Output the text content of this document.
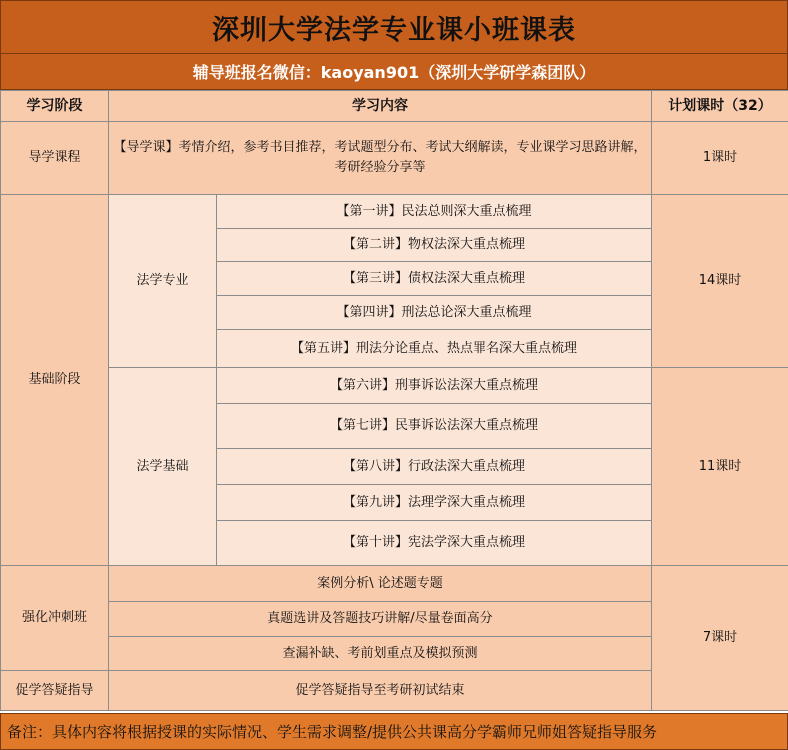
深圳大学法学专业课小班课表
辅导班报名微信：kaoyan901（深圳大学研学森团队）
学习阶段	学习内容		计划课时（32）
导学课程	【导学课】考情介绍，参考书目推荐，考试题型分布、考试大纲解读，专业课学习思路讲解，考研经验分享等		1课时
基础阶段	法学专业	【第一讲】民法总则深大重点梳理	14课时
		【第二讲】物权法深大重点梳理	
		【第三讲】债权法深大重点梳理	
		【第四讲】刑法总论深大重点梳理	
		【第五讲】刑法分论重点、热点罪名深大重点梳理	
	法学基础	【第六讲】刑事诉讼法深大重点梳理	11课时
		【第七讲】民事诉讼法深大重点梳理	
		【第八讲】行政法深大重点梳理	
		【第九讲】法理学深大重点梳理	
		【第十讲】宪法学深大重点梳理	
强化冲刺班	案例分析\ 论述题专题		7课时
	真题选讲及答题技巧讲解/尽量卷面高分		
	查漏补缺、考前划重点及模拟预测		
促学答疑指导	促学答疑指导至考研初试结束		
备注：具体内容将根据授课的实际情况、学生需求调整/提供公共课高分学霸师兄师姐答疑指导服务
